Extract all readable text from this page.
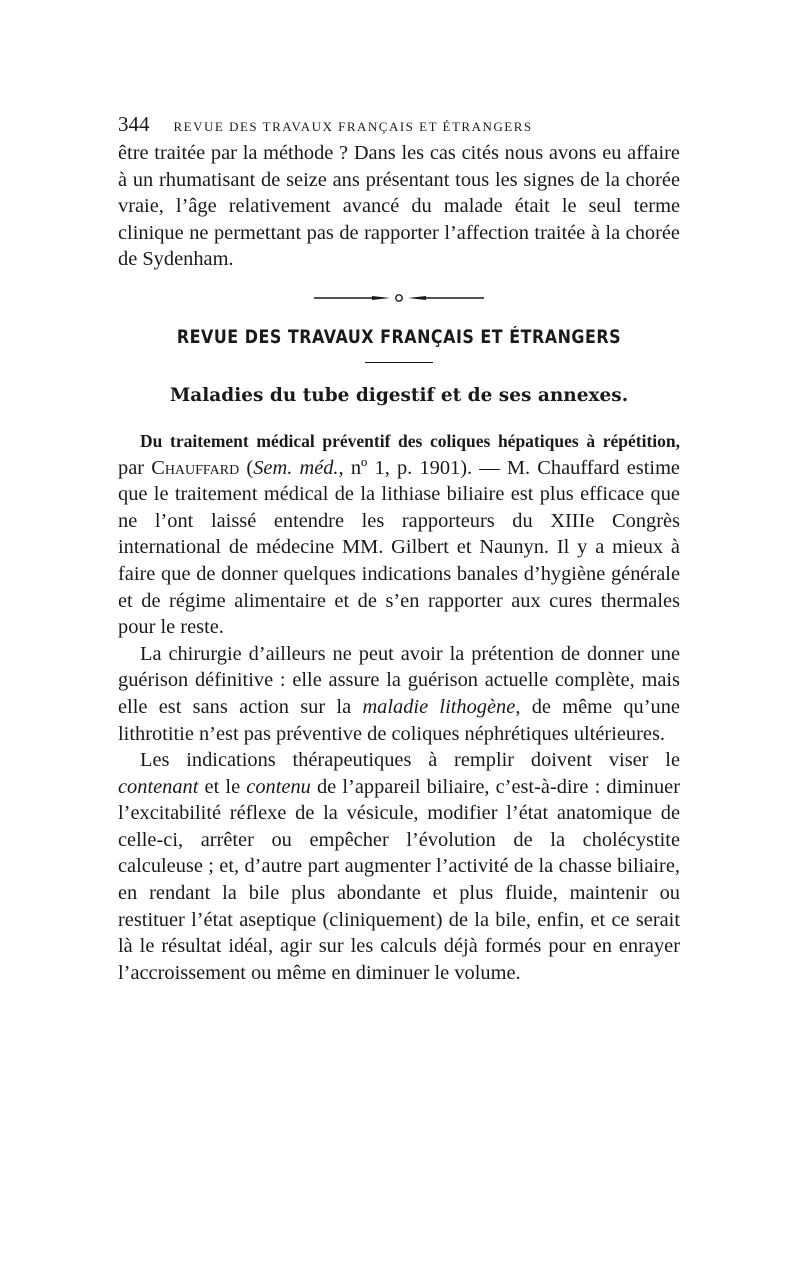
344 REVUE DES TRAVAUX FRANÇAIS ET ÉTRANGERS

être traitée par la méthode ? Dans les cas cités nous avons eu affaire à un rhumatisant de seize ans présentant tous les signes de la chorée vraie, l’âge relativement avancé du malade était le seul terme clinique ne permettant pas de rapporter l’affection traitée à la chorée de Sydenham.

REVUE DES TRAVAUX FRANÇAIS ET ÉTRANGERS
Maladies du tube digestif et de ses annexes.

Du traitement médical préventif des coliques hépatiques à répétition, par Chauffard (Sem. méd., nº 1, p. 1901). — M. Chauffard estime que le traitement médical de la lithiase biliaire est plus efficace que ne l’ont laissé entendre les rapporteurs du XIIIe Congrès international de médecine MM. Gilbert et Naunyn. Il y a mieux à faire que de donner quelques indications banales d’hygiène générale et de régime alimentaire et de s’en rapporter aux cures thermales pour le reste.

La chirurgie d’ailleurs ne peut avoir la prétention de donner une guérison définitive : elle assure la guérison actuelle complète, mais elle est sans action sur la maladie lithogène, de même qu’une lithrotitie n’est pas préventive de coliques néphrétiques ultérieures.

Les indications thérapeutiques à remplir doivent viser le contenant et le contenu de l’appareil biliaire, c’est-à-dire : diminuer l’excitabilité réflexe de la vésicule, modifier l’état anatomique de celle-ci, arrêter ou empêcher l’évolution de la cholécystite calculeuse ; et, d’autre part augmenter l’activité de la chasse biliaire, en rendant la bile plus abondante et plus fluide, maintenir ou restituer l’état aseptique (cliniquement) de la bile, enfin, et ce serait là le résultat idéal, agir sur les calculs déjà formés pour en enrayer l’accroissement ou même en diminuer le volume.
